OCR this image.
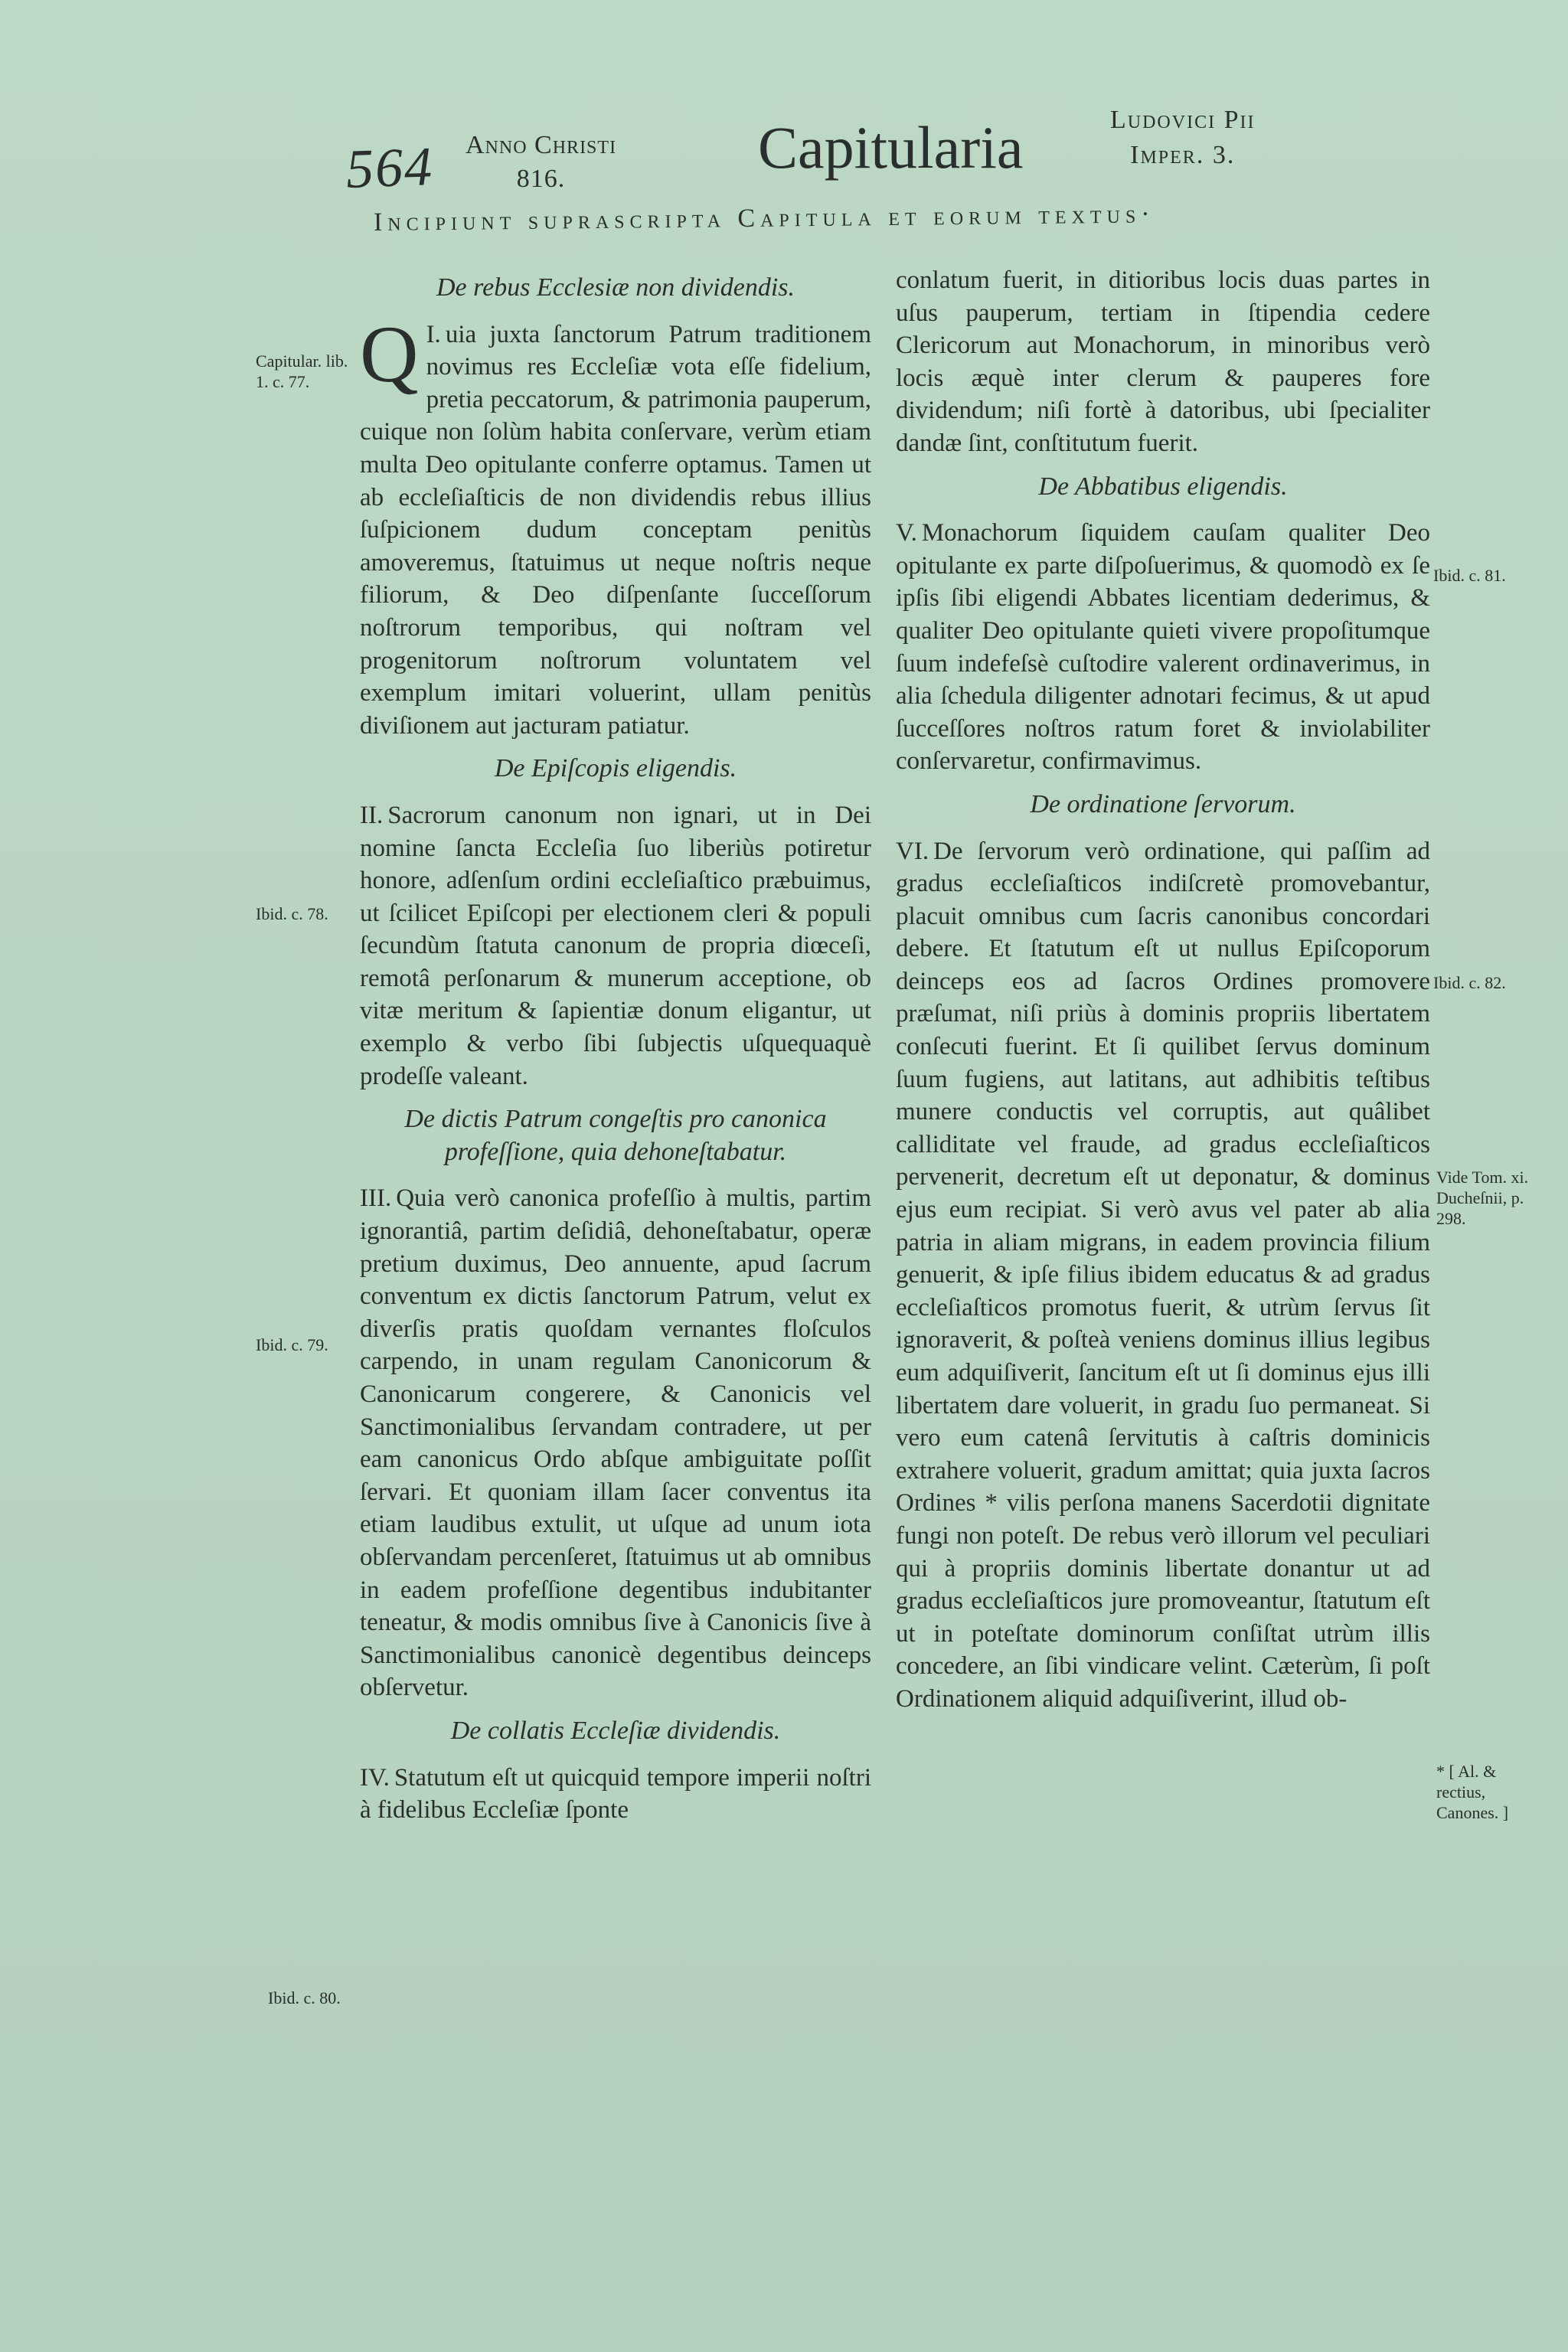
564 Anno Christi
816.	Capitularia	Ludovici Pii
Imper. 3.
Incipiunt suprascripta Capitula et eorum textus·
Capitular. lib. 1. c. 77.
Ibid. c. 78.
Ibid. c. 79.
Ibid. c. 80.
Ibid. c. 81.
Ibid. c. 82.
Vide Tom. xi. Ducheſnii, p. 298.
* [ Al. & rectius, Canones. ]
De rebus Ecclesiæ non dividendis.

I.
Q uia juxta ſanctorum Patrum traditionem novimus res Eccleſiæ vota eſſe fidelium, pretia peccatorum, & patrimonia pauperum, cuique non ſolùm habita conſervare, verùm etiam multa Deo opitulante conferre optamus. Tamen ut ab eccleſiaſticis de non dividendis rebus illius ſuſpicionem dudum conceptam penitùs amoveremus, ſtatuimus ut neque noſtris neque filiorum, & Deo diſpenſante ſucceſſorum noſtrorum temporibus, qui noſtram vel progenitorum noſtrorum voluntatem vel exemplum imitari voluerint, ullam penitùs diviſionem aut jacturam patiatur.

De Epiſcopis eligendis.

II. Sacrorum canonum non ignari, ut in Dei nomine ſancta Eccleſia ſuo liberiùs potiretur honore, adſenſum ordini eccleſiaſtico præbuimus, ut ſcilicet Epiſcopi per electionem cleri & populi ſecundùm ſtatuta canonum de propria diœceſi, remotâ perſonarum & munerum acceptione, ob vitæ meritum & ſapientiæ donum eligantur, ut exemplo & verbo ſibi ſubjectis uſquequaquè prodeſſe valeant.

De dictis Patrum congeſtis pro canonica profeſſione, quia dehoneſtabatur.

III. Quia verò canonica profeſſio à multis, partim ignorantiâ, partim deſidiâ, dehoneſtabatur, operæ pretium duximus, Deo annuente, apud ſacrum conventum ex dictis ſanctorum Patrum, velut ex diverſis pratis quoſdam vernantes floſculos carpendo, in unam regulam Canonicorum & Canonicarum congerere, & Canonicis vel Sanctimonialibus ſervandam contradere, ut per eam canonicus Ordo abſque ambiguitate poſſit ſervari. Et quoniam illam ſacer conventus ita etiam laudibus extulit, ut uſque ad unum iota obſervandam percenſeret, ſtatuimus ut ab omnibus in eadem profeſſione degentibus indubitanter teneatur, & modis omnibus ſive à Canonicis ſive à Sanctimonialibus canonicè degentibus deinceps obſervetur.

De collatis Eccleſiæ dividendis.

IV. Statutum eſt ut quicquid tempore imperii noſtri à fidelibus Eccleſiæ ſponte

conlatum fuerit, in ditioribus locis duas partes in uſus pauperum, tertiam in ſtipendia cedere Clericorum aut Monachorum, in minoribus verò locis æquè inter clerum & pauperes fore dividendum; niſi fortè à datoribus, ubi ſpecialiter dandæ ſint, conſtitutum fuerit.

De Abbatibus eligendis.

V. Monachorum ſiquidem cauſam qualiter Deo opitulante ex parte diſpoſuerimus, & quomodò ex ſe ipſis ſibi eligendi Abbates licentiam dederimus, & qualiter Deo opitulante quieti vivere propoſitumque ſuum indefeſsè cuſtodire valerent ordinaverimus, in alia ſchedula diligenter adnotari fecimus, & ut apud ſucceſſores noſtros ratum foret & inviolabiliter conſervaretur, confirmavimus.

De ordinatione ſervorum.

VI. De ſervorum verò ordinatione, qui paſſim ad gradus eccleſiaſticos indiſcretè promovebantur, placuit omnibus cum ſacris canonibus concordari debere. Et ſtatutum eſt ut nullus Epiſcoporum deinceps eos ad ſacros Ordines promovere præſumat, niſi priùs à dominis propriis libertatem conſecuti fuerint. Et ſi quilibet ſervus dominum ſuum fugiens, aut latitans, aut adhibitis teſtibus munere conductis vel corruptis, aut quâlibet calliditate vel fraude, ad gradus eccleſiaſticos pervenerit, decretum eſt ut deponatur, & dominus ejus eum recipiat. Si verò avus vel pater ab alia patria in aliam migrans, in eadem provincia filium genuerit, & ipſe filius ibidem educatus & ad gradus eccleſiaſticos promotus fuerit, & utrùm ſervus ſit ignoraverit, & poſteà veniens dominus illius legibus eum adquiſiverit, ſancitum eſt ut ſi dominus ejus illi libertatem dare voluerit, in gradu ſuo permaneat. Si vero eum catenâ ſervitutis à caſtris dominicis extrahere voluerit, gradum amittat; quia juxta ſacros Ordines * vilis perſona manens Sacerdotii dignitate fungi non poteſt. De rebus verò illorum vel peculiari qui à propriis dominis libertate donantur ut ad gradus eccleſiaſticos jure promoveantur, ſtatutum eſt ut in poteſtate dominorum conſiſtat utrùm illis concedere, an ſibi vindicare velint. Cæterùm, ſi poſt Ordinationem aliquid adquiſiverint, illud ob-
